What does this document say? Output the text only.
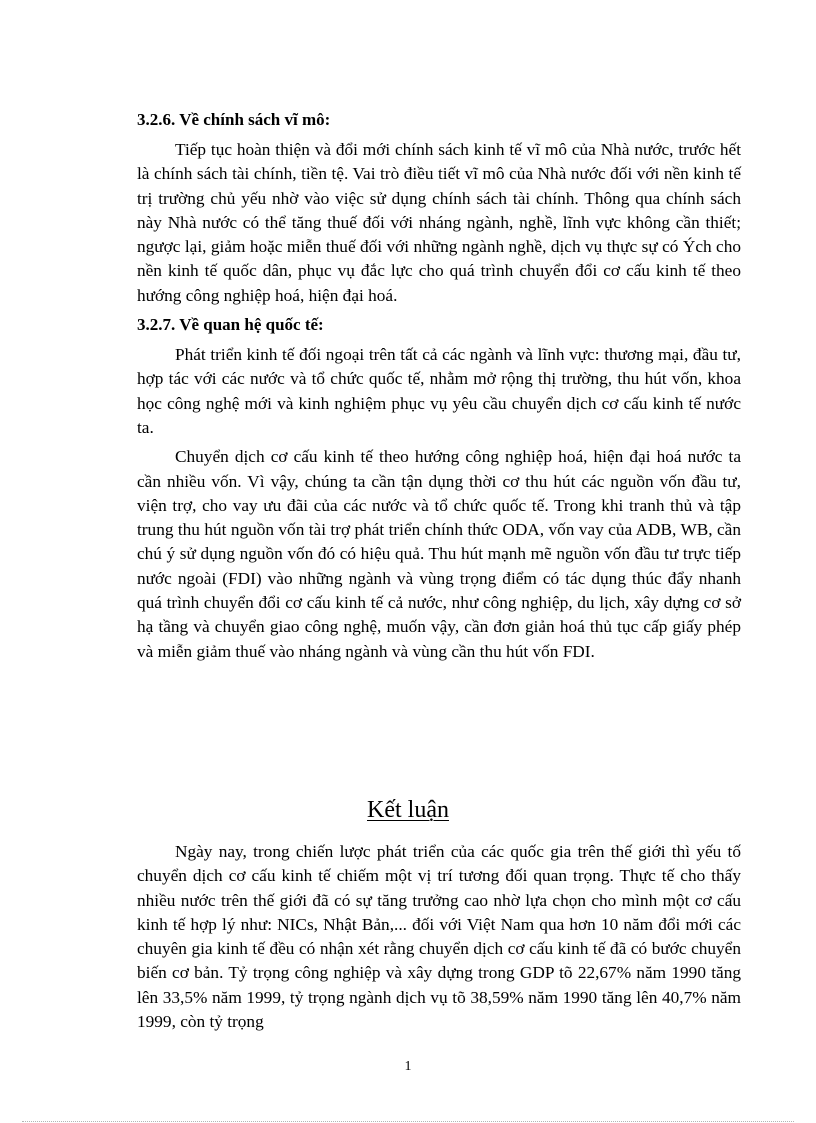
3.2.6. Về chính sách vĩ mô:

Tiếp tục hoàn thiện và đổi mới chính sách kinh tế vĩ mô của Nhà nước, trước hết là chính sách tài chính, tiền tệ. Vai trò điều tiết vĩ mô của Nhà nước đối với nền kinh tế trị trường chủ yếu nhờ vào việc sử dụng chính sách tài chính. Thông qua chính sách này Nhà nước có thể tăng thuế đối với nháng ngành, nghề, lĩnh vực không cần thiết; ngược lại, giảm hoặc miễn thuế đối với những ngành nghề, dịch vụ thực sự có Ých cho nền kinh tế quốc dân, phục vụ đắc lực cho quá trình chuyển đổi cơ cấu kinh tế theo hướng công nghiệp hoá, hiện đại hoá.

3.2.7. Về quan hệ quốc tế:

Phát triển kinh tế đối ngoại trên tất cả các ngành và lĩnh vực: thương mại, đầu tư, hợp tác với các nước và tổ chức quốc tế, nhằm mở rộng thị trường, thu hút vốn, khoa học công nghệ mới và kinh nghiệm phục vụ yêu cầu chuyển dịch cơ cấu kinh tế nước ta.

Chuyển dịch cơ cấu kinh tế theo hướng công nghiệp hoá, hiện đại hoá nước ta cần nhiều vốn. Vì vậy, chúng ta cần tận dụng thời cơ thu hút các nguồn vốn đầu tư, viện trợ, cho vay ưu đãi của các nước và tổ chức quốc tế. Trong khi tranh thủ và tập trung thu hút nguồn vốn tài trợ phát triển chính thức ODA, vốn vay của ADB, WB, cần chú ý sử dụng nguồn vốn đó có hiệu quả. Thu hút mạnh mẽ nguồn vốn đầu tư trực tiếp nước ngoài (FDI) vào những ngành và vùng trọng điểm có tác dụng thúc đẩy nhanh quá trình chuyển đổi cơ cấu kinh tế cả nước, như công nghiệp, du lịch, xây dựng cơ sở hạ tầng và chuyển giao công nghệ, muốn vậy, cần đơn giản hoá thủ tục cấp giấy phép và miễn giảm thuế vào nháng ngành và vùng cần thu hút vốn FDI.

Kết luận

Ngày nay, trong chiến lược phát triển của các quốc gia trên thế giới thì yếu tố chuyển dịch cơ cấu kinh tế chiếm một vị trí tương đối quan trọng. Thực tế cho thấy nhiều nước trên thế giới đã có sự tăng trưởng cao nhờ lựa chọn cho mình một cơ cấu kinh tế hợp lý như: NICs, Nhật Bản,... đối với Việt Nam qua hơn 10 năm đổi mới các chuyên gia kinh tế đều có nhận xét rằng chuyển dịch cơ cấu kinh tế đã có bước chuyển biến cơ bản. Tỷ trọng công nghiệp và xây dựng trong GDP tõ 22,67% năm 1990 tăng lên 33,5% năm 1999, tỷ trọng ngành dịch vụ tõ 38,59% năm 1990 tăng lên 40,7% năm 1999, còn tỷ trọng

1
